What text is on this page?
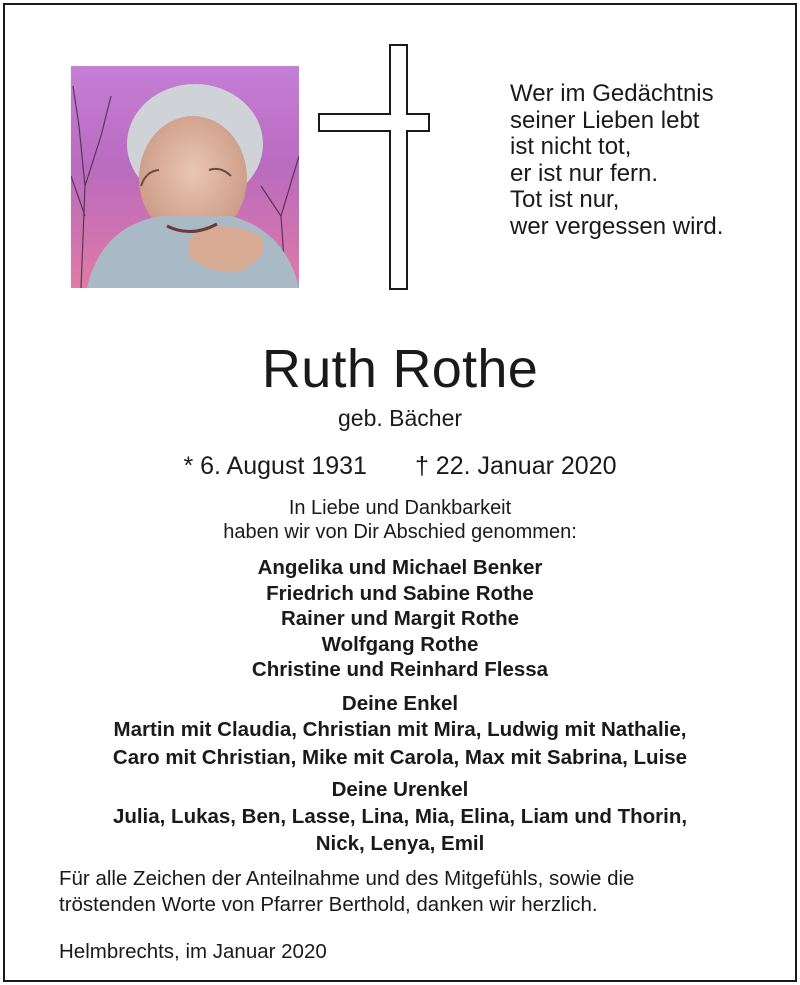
Wer im Gedächtnis
seiner Lieben lebt
ist nicht tot,
er ist nur fern.
Tot ist nur,
wer vergessen wird.
Ruth Rothe
geb. Bächer
* 6. August 1931 † 22. Januar 2020
In Liebe und Dankbarkeit
haben wir von Dir Abschied genommen:
Angelika und Michael Benker
Friedrich und Sabine Rothe
Rainer und Margit Rothe
Wolfgang Rothe
Christine und Reinhard Flessa
Deine Enkel
Martin mit Claudia, Christian mit Mira, Ludwig mit Nathalie,
Caro mit Christian, Mike mit Carola, Max mit Sabrina, Luise
Deine Urenkel
Julia, Lukas, Ben, Lasse, Lina, Mia, Elina, Liam und Thorin,
Nick, Lenya, Emil
Für alle Zeichen der Anteilnahme und des Mitgefühls, sowie die
tröstenden Worte von Pfarrer Berthold, danken wir herzlich.
Helmbrechts, im Januar 2020
